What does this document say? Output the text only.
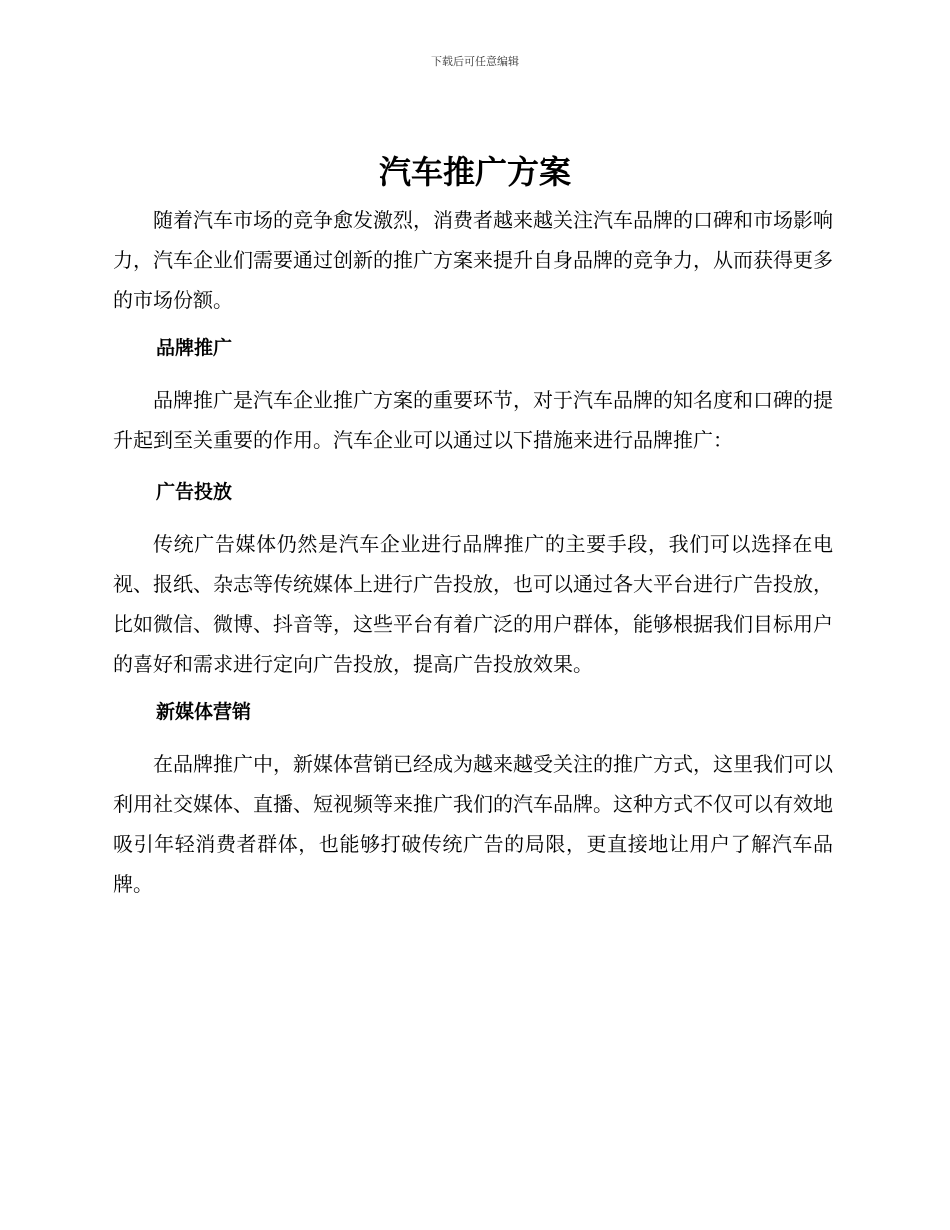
下载后可任意编辑
汽车推广方案

随着汽车市场的竞争愈发激烈，消费者越来越关注汽车品牌的口碑和市场影响力，汽车企业们需要通过创新的推广方案来提升自身品牌的竞争力，从而获得更多的市场份额。

品牌推广

品牌推广是汽车企业推广方案的重要环节，对于汽车品牌的知名度和口碑的提升起到至关重要的作用。汽车企业可以通过以下措施来进行品牌推广：

广告投放

传统广告媒体仍然是汽车企业进行品牌推广的主要手段，我们可以选择在电视、报纸、杂志等传统媒体上进行广告投放，也可以通过各大平台进行广告投放，比如微信、微博、抖音等，这些平台有着广泛的用户群体，能够根据我们目标用户的喜好和需求进行定向广告投放，提高广告投放效果。

新媒体营销

在品牌推广中，新媒体营销已经成为越来越受关注的推广方式，这里我们可以利用社交媒体、直播、短视频等来推广我们的汽车品牌。这种方式不仅可以有效地吸引年轻消费者群体，也能够打破传统广告的局限，更直接地让用户了解汽车品牌。
